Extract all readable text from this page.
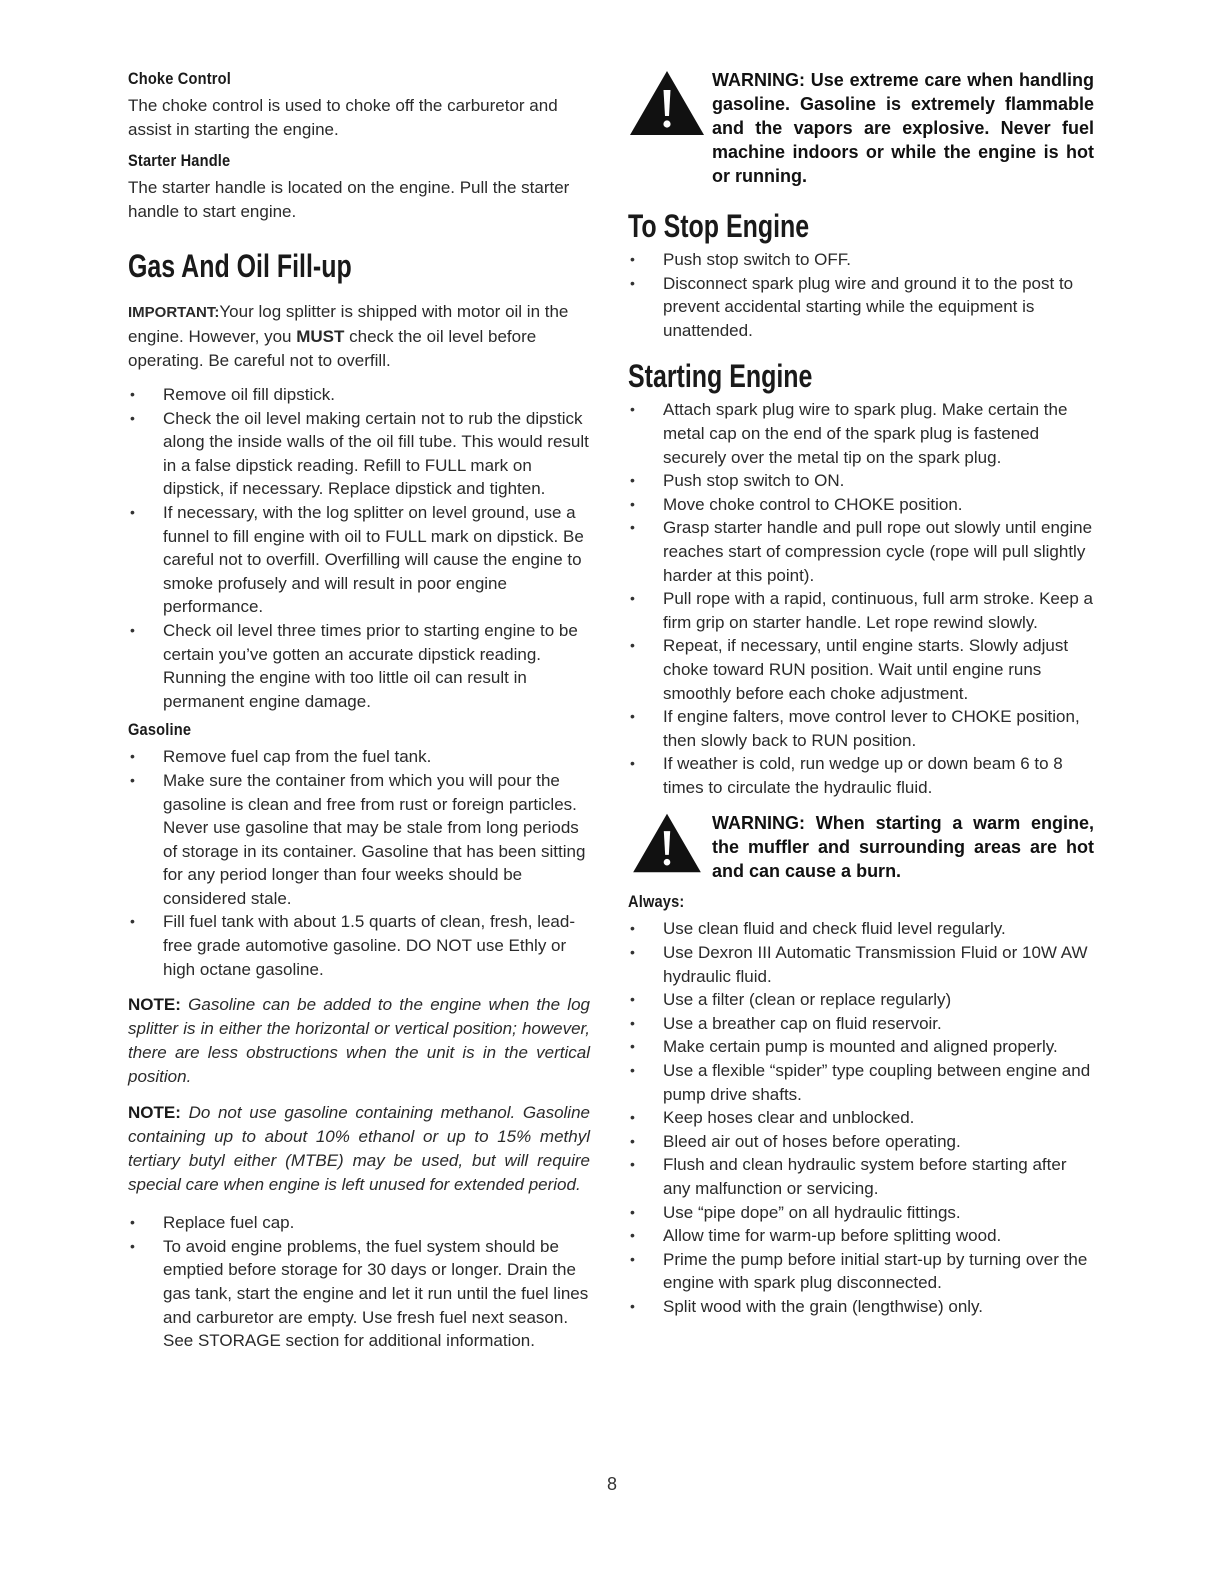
Choke Control

The choke control is used to choke off the carburetor and assist in starting the engine.

Starter Handle

The starter handle is located on the engine. Pull the starter handle to start engine.

Gas And Oil Fill-up

IMPORTANT:Your log splitter is shipped with motor oil in the engine. However, you MUST check the oil level before operating. Be careful not to overfill.

• Remove oil fill dipstick.
• Check the oil level making certain not to rub the dipstick along the inside walls of the oil fill tube. This would result in a false dipstick reading. Refill to FULL mark on dipstick, if necessary. Replace dipstick and tighten.
• If necessary, with the log splitter on level ground, use a funnel to fill engine with oil to FULL mark on dipstick. Be careful not to overfill. Overfilling will cause the engine to smoke profusely and will result in poor engine performance.
• Check oil level three times prior to starting engine to be certain you’ve gotten an accurate dipstick reading. Running the engine with too little oil can result in permanent engine damage.
Gasoline
• Remove fuel cap from the fuel tank.
• Make sure the container from which you will pour the gasoline is clean and free from rust or foreign particles. Never use gasoline that may be stale from long periods of storage in its container. Gasoline that has been sitting for any period longer than four weeks should be considered stale.
• Fill fuel tank with about 1.5 quarts of clean, fresh, lead-free grade automotive gasoline. DO NOT use Ethly or high octane gasoline.

NOTE: Gasoline can be added to the engine when the log splitter is in either the horizontal or vertical position; however, there are less obstructions when the unit is in the vertical position.

NOTE: Do not use gasoline containing methanol. Gasoline containing up to about 10% ethanol or up to 15% methyl tertiary butyl either (MTBE) may be used, but will require special care when engine is left unused for extended period.

• Replace fuel cap.
• To avoid engine problems, the fuel system should be emptied before storage for 30 days or longer. Drain the gas tank, start the engine and let it run until the fuel lines and carburetor are empty. Use fresh fuel next season. See STORAGE section for additional information.
WARNING: Use extreme care when handling gasoline. Gasoline is extremely flammable and the vapors are explosive. Never fuel machine indoors or while the engine is hot or running.
To Stop Engine
• Push stop switch to OFF.
• Disconnect spark plug wire and ground it to the post to prevent accidental starting while the equipment is unattended.
Starting Engine
• Attach spark plug wire to spark plug. Make certain the metal cap on the end of the spark plug is fastened securely over the metal tip on the spark plug.
• Push stop switch to ON.
• Move choke control to CHOKE position.
• Grasp starter handle and pull rope out slowly until engine reaches start of compression cycle (rope will pull slightly harder at this point).
• Pull rope with a rapid, continuous, full arm stroke. Keep a firm grip on starter handle. Let rope rewind slowly.
• Repeat, if necessary, until engine starts. Slowly adjust choke toward RUN position. Wait until engine runs smoothly before each choke adjustment.
• If engine falters, move control lever to CHOKE position, then slowly back to RUN position.
• If weather is cold, run wedge up or down beam 6 to 8 times to circulate the hydraulic fluid.
WARNING: When starting a warm engine, the muffler and surrounding areas are hot and can cause a burn.
Always:
• Use clean fluid and check fluid level regularly.
• Use Dexron III Automatic Transmission Fluid or 10W AW hydraulic fluid.
• Use a filter (clean or replace regularly)
• Use a breather cap on fluid reservoir.
• Make certain pump is mounted and aligned properly.
• Use a flexible “spider” type coupling between engine and pump drive shafts.
• Keep hoses clear and unblocked.
• Bleed air out of hoses before operating.
• Flush and clean hydraulic system before starting after any malfunction or servicing.
• Use “pipe dope” on all hydraulic fittings.
• Allow time for warm-up before splitting wood.
• Prime the pump before initial start-up by turning over the engine with spark plug disconnected.
• Split wood with the grain (lengthwise) only.
8
